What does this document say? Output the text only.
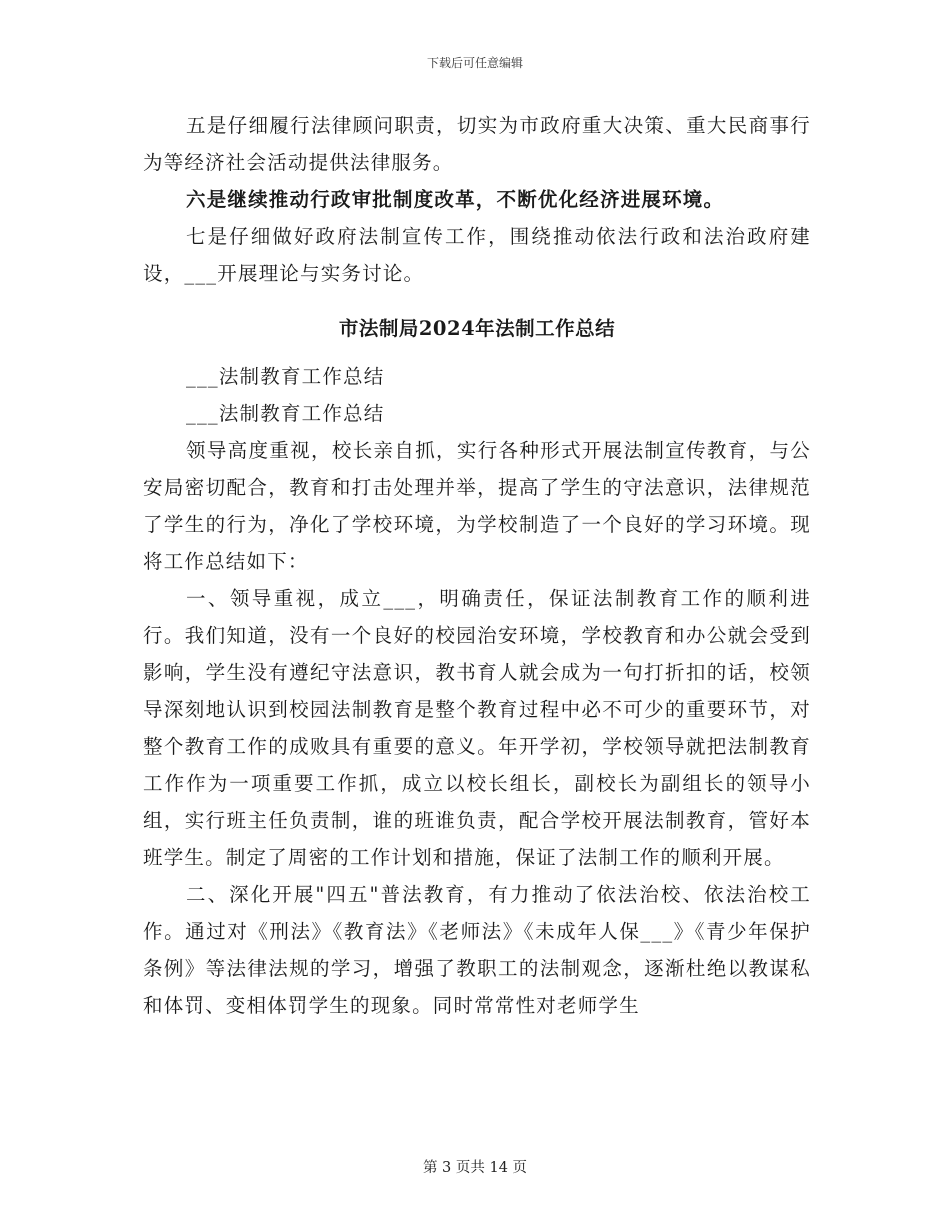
下载后可任意编辑

五是仔细履行法律顾问职责，切实为市政府重大决策、重大民商事行为等经济社会活动提供法律服务。

六是继续推动行政审批制度改革，不断优化经济进展环境。

七是仔细做好政府法制宣传工作，围绕推动依法行政和法治政府建设，___开展理论与实务讨论。

市法制局2024年法制工作总结

___法制教育工作总结

___法制教育工作总结

领导高度重视，校长亲自抓，实行各种形式开展法制宣传教育，与公安局密切配合，教育和打击处理并举，提高了学生的守法意识，法律规范了学生的行为，净化了学校环境，为学校制造了一个良好的学习环境。现将工作总结如下：

一、领导重视，成立___，明确责任，保证法制教育工作的顺利进行。我们知道，没有一个良好的校园治安环境，学校教育和办公就会受到影响，学生没有遵纪守法意识，教书育人就会成为一句打折扣的话，校领导深刻地认识到校园法制教育是整个教育过程中必不可少的重要环节，对整个教育工作的成败具有重要的意义。年开学初，学校领导就把法制教育工作作为一项重要工作抓，成立以校长组长，副校长为副组长的领导小组，实行班主任负责制，谁的班谁负责，配合学校开展法制教育，管好本班学生。制定了周密的工作计划和措施，保证了法制工作的顺利开展。

二、深化开展"四五"普法教育，有力推动了依法治校、依法治校工作。通过对《刑法》《教育法》《老师法》《未成年人保___》《青少年保护条例》等法律法规的学习，增强了教职工的法制观念，逐渐杜绝以教谋私和体罚、变相体罚学生的现象。同时常常性对老师学生

第 3 页共 14 页
